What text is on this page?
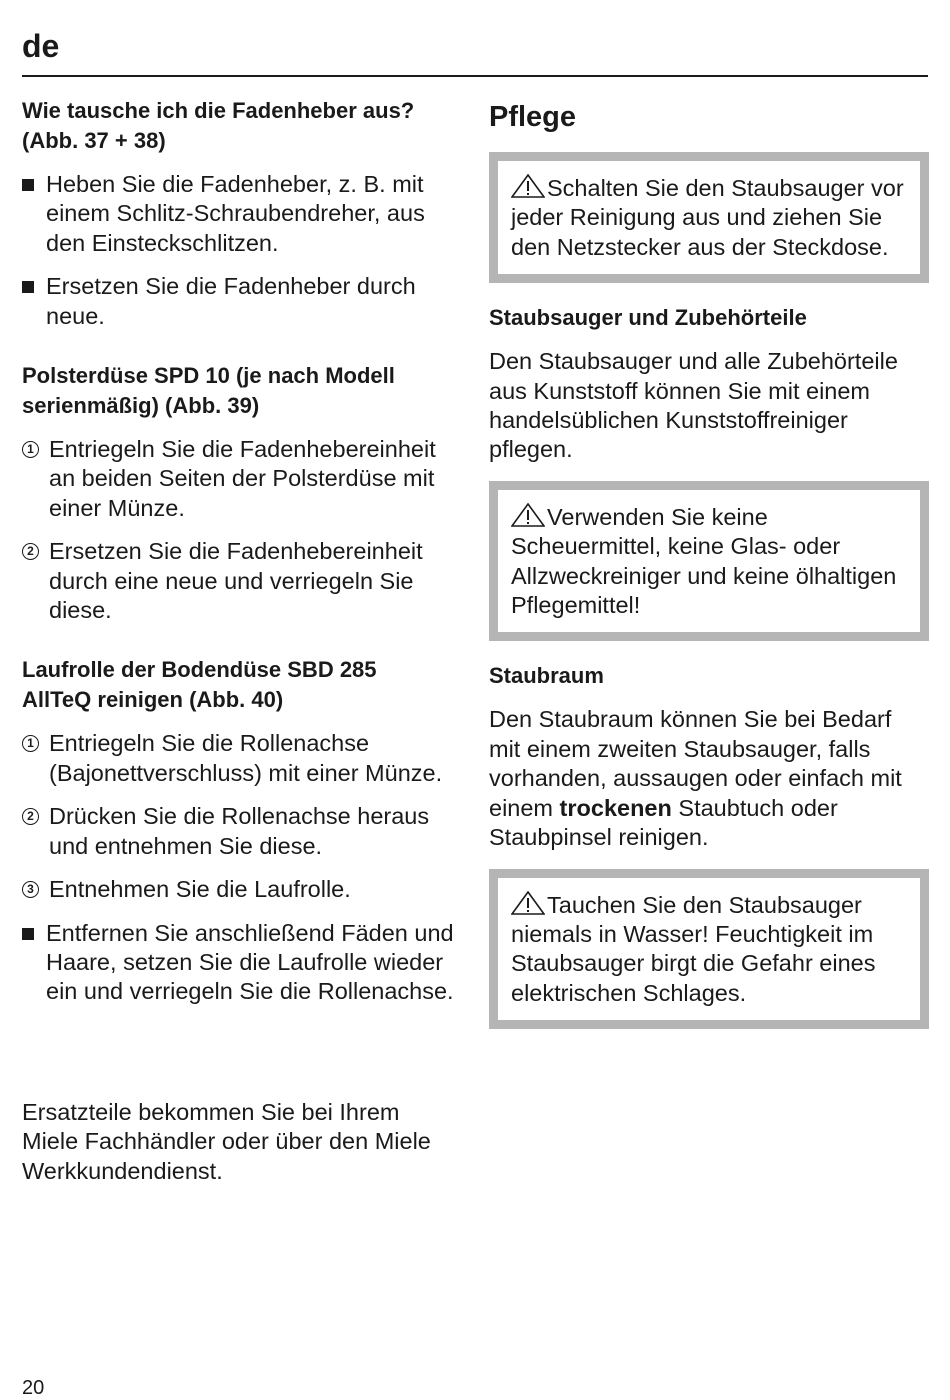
de

Wie tausche ich die Fadenheber aus?
(Abb. 37 + 38)

Heben Sie die Fadenheber, z. B. mit einem Schlitz-Schraubendreher, aus den Einsteckschlitzen.

Ersetzen Sie die Fadenheber durch neue.

Polsterdüse SPD 10 (je nach Modell
serienmäßig) (Abb. 39)

1 Entriegeln Sie die Fadenhebereinheit an beiden Seiten der Polsterdüse mit einer Münze.

2 Ersetzen Sie die Fadenhebereinheit durch eine neue und verriegeln Sie diese.

Laufrolle der Bodendüse SBD 285
AllTeQ reinigen (Abb. 40)

1 Entriegeln Sie die Rollenachse (Bajonettverschluss) mit einer Münze.

2 Drücken Sie die Rollenachse heraus und entnehmen Sie diese.

3 Entnehmen Sie die Laufrolle.

Entfernen Sie anschließend Fäden und Haare, setzen Sie die Laufrolle wieder ein und verriegeln Sie die Rollenachse.

Ersatzteile bekommen Sie bei Ihrem Miele Fachhändler oder über den Miele Werkkundendienst.

Pflege

Schalten Sie den Staubsauger vor jeder Reinigung aus und ziehen Sie den Netzstecker aus der Steckdose.

Staubsauger und Zubehörteile

Den Staubsauger und alle Zubehörteile aus Kunststoff können Sie mit einem handelsüblichen Kunststoffreiniger pflegen.

Verwenden Sie keine Scheuermittel, keine Glas- oder Allzweckreiniger und keine ölhaltigen Pflegemittel!

Staubraum

Den Staubraum können Sie bei Bedarf mit einem zweiten Staubsauger, falls vorhanden, aussaugen oder einfach mit einem trockenen Staubtuch oder Staubpinsel reinigen.

Tauchen Sie den Staubsauger niemals in Wasser! Feuchtigkeit im Staubsauger birgt die Gefahr eines elektrischen Schlages.

20
